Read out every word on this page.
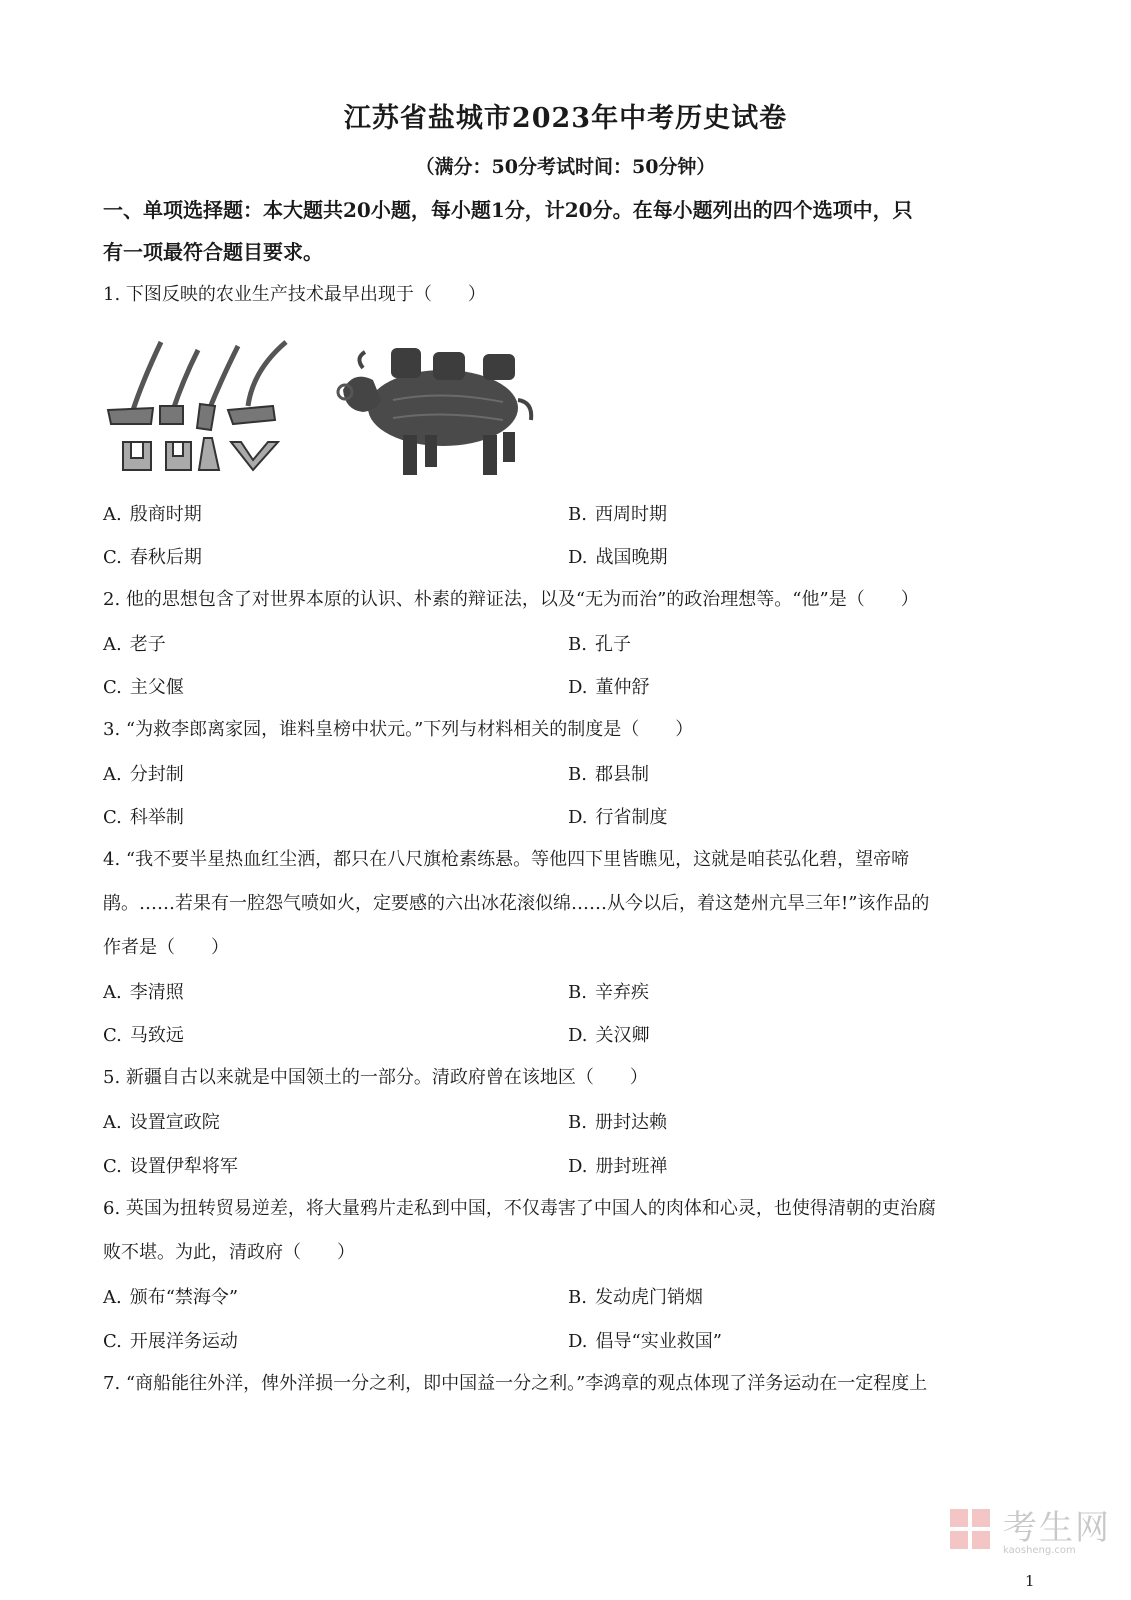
江苏省盐城市2023年中考历史试卷
（满分：50分考试时间：50分钟）
一、单项选择题：本大题共20小题，每小题1分，计20分。在每小题列出的四个选项中，只
有一项最符合题目要求。
1. 下图反映的农业生产技术最早出现于（　　）
A. 殷商时期	B. 西周时期
C. 春秋后期	D. 战国晚期
2. 他的思想包含了对世界本原的认识、朴素的辩证法，以及“无为而治”的政治理想等。“他”是（　　）
A. 老子	B. 孔子
C. 主父偃	D. 董仲舒
3. “为救李郎离家园，谁料皇榜中状元。”下列与材料相关的制度是（　　）
A. 分封制	B. 郡县制
C. 科举制	D. 行省制度
4. “我不要半星热血红尘洒，都只在八尺旗枪素练悬。等他四下里皆瞧见，这就是咱苌弘化碧，望帝啼
鹃。……若果有一腔怨气喷如火，定要感的六出冰花滚似绵……从今以后，着这楚州亢旱三年!”该作品的
作者是（　　）
A. 李清照	B. 辛弃疾
C. 马致远	D. 关汉卿
5. 新疆自古以来就是中国领土的一部分。清政府曾在该地区（　　）
A. 设置宣政院	B. 册封达赖
C. 设置伊犁将军	D. 册封班禅
6. 英国为扭转贸易逆差，将大量鸦片走私到中国，不仅毒害了中国人的肉体和心灵，也使得清朝的吏治腐
败不堪。为此，清政府（　　）
A. 颁布“禁海令”	B. 发动虎门销烟
C. 开展洋务运动	D. 倡导“实业救国”
7. “商船能往外洋，俾外洋损一分之利，即中国益一分之利。”李鸿章的观点体现了洋务运动在一定程度上
考生网
kaosheng.com
1
